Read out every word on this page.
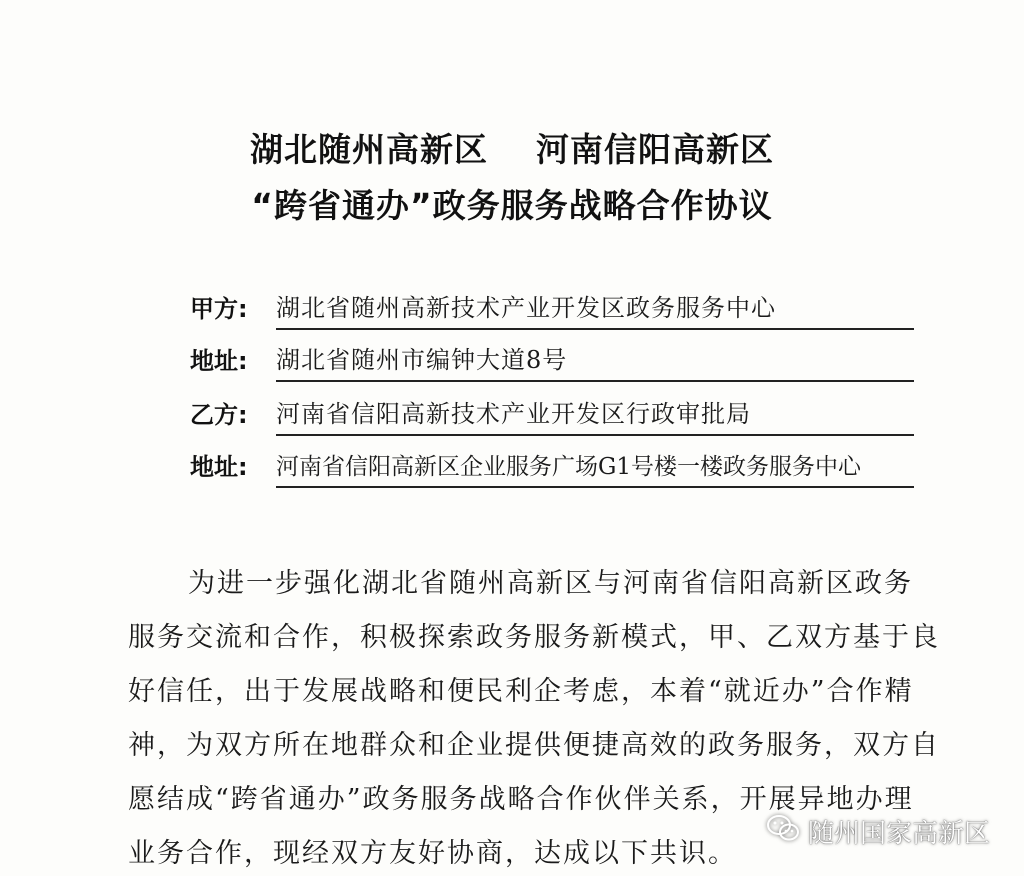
湖北随州高新区 河南信阳高新区
“跨省通办”政务服务战略合作协议
甲方: 湖北省随州高新技术产业开发区政务服务中心
地址: 湖北省随州市编钟大道8号
乙方: 河南省信阳高新技术产业开发区行政审批局
地址: 河南省信阳高新区企业服务广场G1号楼一楼政务服务中心

为进一步强化湖北省随州高新区与河南省信阳高新区政务
服务交流和合作，积极探索政务服务新模式，甲、乙双方基于良
好信任，出于发展战略和便民利企考虑，本着“就近办”合作精
神，为双方所在地群众和企业提供便捷高效的政务服务，双方自
愿结成“跨省通办”政务服务战略合作伙伴关系，开展异地办理
业务合作，现经双方友好协商，达成以下共识。

随州国家高新区
